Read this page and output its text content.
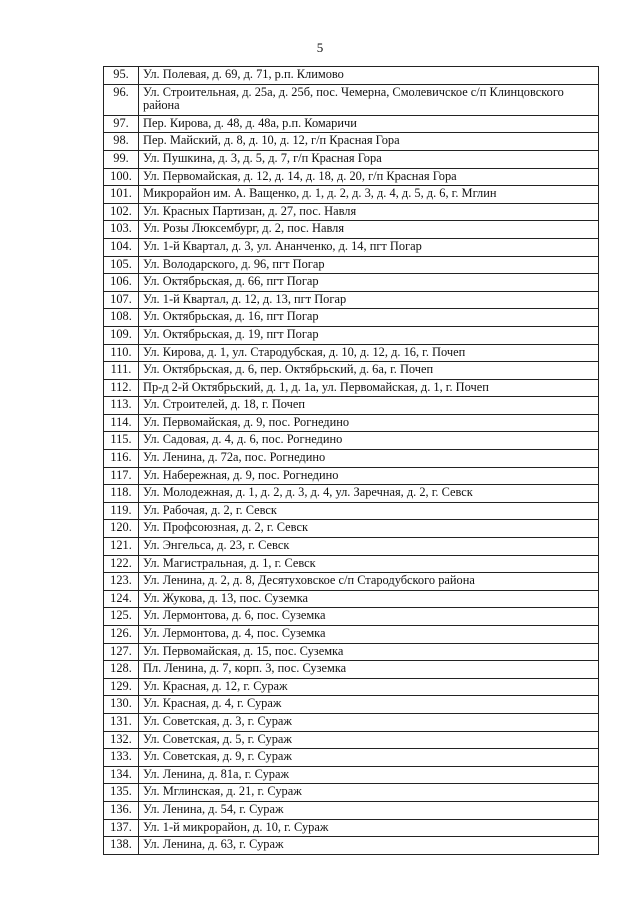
5
95.	Ул. Полевая, д. 69, д. 71, р.п. Климово
96.	Ул. Строительная, д. 25а, д. 25б, пос. Чемерна, Смолевичское с/п Клинцовского района
97.	Пер. Кирова, д. 48, д. 48а, р.п. Комаричи
98.	Пер. Майский, д. 8, д. 10, д. 12, г/п Красная Гора
99.	Ул. Пушкина, д. 3, д. 5, д. 7, г/п Красная Гора
100.	Ул. Первомайская, д. 12, д. 14, д. 18, д. 20, г/п Красная Гора
101.	Микрорайон им. А. Ващенко, д. 1, д. 2, д. 3, д. 4, д. 5, д. 6, г. Мглин
102.	Ул. Красных Партизан, д. 27, пос. Навля
103.	Ул. Розы Люксембург, д. 2, пос. Навля
104.	Ул. 1-й Квартал, д. 3, ул. Ананченко, д. 14, пгт Погар
105.	Ул. Володарского, д. 96, пгт Погар
106.	Ул. Октябрьская, д. 66, пгт Погар
107.	Ул. 1-й Квартал, д. 12, д. 13, пгт Погар
108.	Ул. Октябрьская, д. 16, пгт Погар
109.	Ул. Октябрьская, д. 19, пгт Погар
110.	Ул. Кирова, д. 1, ул. Стародубская, д. 10, д. 12, д. 16, г. Почеп
111.	Ул. Октябрьская, д. 6, пер. Октябрьский, д. 6а, г. Почеп
112.	Пр-д 2-й Октябрьский, д. 1, д. 1а, ул. Первомайская, д. 1, г. Почеп
113.	Ул. Строителей, д. 18, г. Почеп
114.	Ул. Первомайская, д. 9, пос. Рогнедино
115.	Ул. Садовая, д. 4, д. 6, пос. Рогнедино
116.	Ул. Ленина, д. 72а, пос. Рогнедино
117.	Ул. Набережная, д. 9, пос. Рогнедино
118.	Ул. Молодежная, д. 1, д. 2, д. 3, д. 4, ул. Заречная, д. 2, г. Севск
119.	Ул. Рабочая, д. 2, г. Севск
120.	Ул. Профсоюзная, д. 2, г. Севск
121.	Ул. Энгельса, д. 23, г. Севск
122.	Ул. Магистральная, д. 1, г. Севск
123.	Ул. Ленина, д. 2, д. 8, Десятуховское с/п Стародубского района
124.	Ул. Жукова, д. 13, пос. Суземка
125.	Ул. Лермонтова, д. 6, пос. Суземка
126.	Ул. Лермонтова, д. 4, пос. Суземка
127.	Ул. Первомайская, д. 15, пос. Суземка
128.	Пл. Ленина, д. 7, корп. 3, пос. Суземка
129.	Ул. Красная, д. 12, г. Сураж
130.	Ул. Красная, д. 4, г. Сураж
131.	Ул. Советская, д. 3, г. Сураж
132.	Ул. Советская, д. 5, г. Сураж
133.	Ул. Советская, д. 9, г. Сураж
134.	Ул. Ленина, д. 81а, г. Сураж
135.	Ул. Мглинская, д. 21, г. Сураж
136.	Ул. Ленина, д. 54, г. Сураж
137.	Ул. 1-й микрорайон, д. 10, г. Сураж
138.	Ул. Ленина, д. 63, г. Сураж
